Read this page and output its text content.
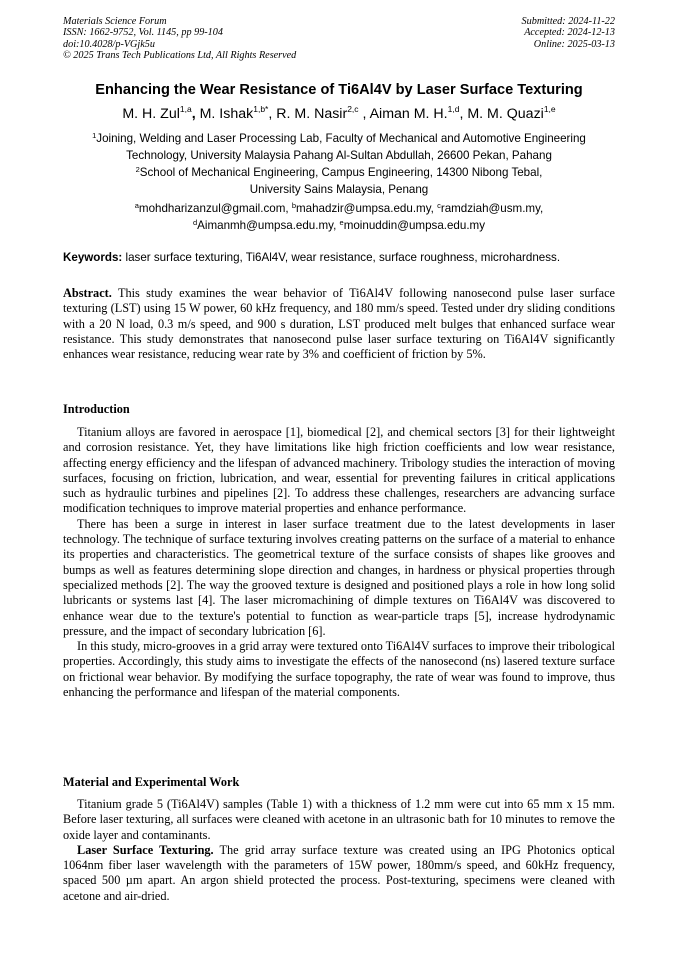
Materials Science Forum
ISSN: 1662-9752, Vol. 1145, pp 99-104
doi:10.4028/p-VGjk5u
© 2025 Trans Tech Publications Ltd, All Rights Reserved
Submitted: 2024-11-22
Accepted: 2024-12-13
Online: 2025-03-13
Enhancing the Wear Resistance of Ti6Al4V by Laser Surface Texturing
M. H. Zul$^{1,a}$, M. Ishak$^{1,b*}$, R. M. Nasir$^{2,c}$ , Aiman M. H.$^{1,d}$, M. M. Quazi$^{1,e}$
$^1$Joining, Welding and Laser Processing Lab, Faculty of Mechanical and Automotive Engineering
Technology, University Malaysia Pahang Al-Sultan Abdullah, 26600 Pekan, Pahang
$^2$School of Mechanical Engineering, Campus Engineering, 14300 Nibong Tebal,
University Sains Malaysia, Penang
$^a$mohdharizanzul@gmail.com, $^b$mahadzir@umpsa.edu.my, $^c$ramdziah@usm.my,
$^d$Aimanmh@umpsa.edu.my, $^e$moinuddin@umpsa.edu.my
Keywords: laser surface texturing, Ti6Al4V, wear resistance, surface roughness, microhardness.

Abstract. This study examines the wear behavior of Ti6Al4V following nanosecond pulse laser surface texturing (LST) using 15 W power, 60 kHz frequency, and 180 mm/s speed. Tested under dry sliding conditions with a 20 N load, 0.3 m/s speed, and 900 s duration, LST produced melt bulges that enhanced surface wear resistance. This study demonstrates that nanosecond pulse laser surface texturing on Ti6Al4V significantly enhances wear resistance, reducing wear rate by 3% and coefficient of friction by 5%.

Introduction

Titanium alloys are favored in aerospace [1], biomedical [2], and chemical sectors [3] for their lightweight and corrosion resistance. Yet, they have limitations like high friction coefficients and low wear resistance, affecting energy efficiency and the lifespan of advanced machinery. Tribology studies the interaction of moving surfaces, focusing on friction, lubrication, and wear, essential for preventing failures in critical applications such as hydraulic turbines and pipelines [2]. To address these challenges, researchers are advancing surface modification techniques to improve material properties and enhance performance.

There has been a surge in interest in laser surface treatment due to the latest developments in laser technology. The technique of surface texturing involves creating patterns on the surface of a material to enhance its properties and characteristics. The geometrical texture of the surface consists of shapes like grooves and bumps as well as features determining slope direction and changes, in hardness or physical properties through specialized methods [2]. The way the grooved texture is designed and positioned plays a role in how long solid lubricants or systems last [4]. The laser micromachining of dimple textures on Ti6Al4V was discovered to enhance wear due to the texture's potential to function as wear-particle traps [5], increase hydrodynamic pressure, and the impact of secondary lubrication [6].

In this study, micro-grooves in a grid array were textured onto Ti6Al4V surfaces to improve their tribological properties. Accordingly, this study aims to investigate the effects of the nanosecond (ns) lasered texture surface on frictional wear behavior. By modifying the surface topography, the rate of wear was found to improve, thus enhancing the performance and lifespan of the material components.

Material and Experimental Work

Titanium grade 5 (Ti6Al4V) samples (Table 1) with a thickness of 1.2 mm were cut into 65 mm x 15 mm. Before laser texturing, all surfaces were cleaned with acetone in an ultrasonic bath for 10 minutes to remove the oxide layer and contaminants.

Laser Surface Texturing. The grid array surface texture was created using an IPG Photonics optical 1064nm fiber laser wavelength with the parameters of 15W power, 180mm/s speed, and 60kHz frequency, spaced 500 µm apart. An argon shield protected the process. Post-texturing, specimens were cleaned with acetone and air-dried.
